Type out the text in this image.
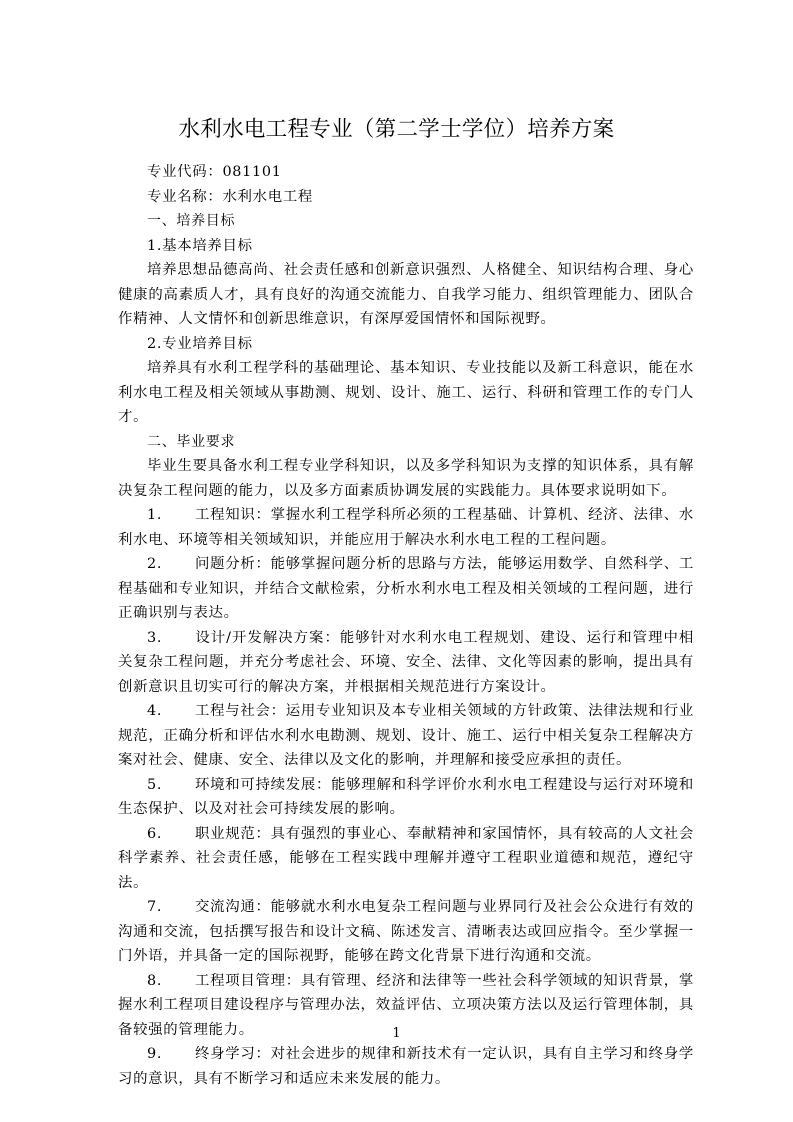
水利水电工程专业（第二学士学位）培养方案

专业代码：081101

专业名称：水利水电工程

一、培养目标

1.基本培养目标

培养思想品德高尚、社会责任感和创新意识强烈、人格健全、知识结构合理、身心健康的高素质人才，具有良好的沟通交流能力、自我学习能力、组织管理能力、团队合作精神、人文情怀和创新思维意识，有深厚爱国情怀和国际视野。

2.专业培养目标

培养具有水利工程学科的基础理论、基本知识、专业技能以及新工科意识，能在水利水电工程及相关领域从事勘测、规划、设计、施工、运行、科研和管理工作的专门人才。

二、毕业要求

毕业生要具备水利工程专业学科知识，以及多学科知识为支撑的知识体系，具有解决复杂工程问题的能力，以及多方面素质协调发展的实践能力。具体要求说明如下。

1. 工程知识：掌握水利工程学科所必须的工程基础、计算机、经济、法律、水利水电、环境等相关领域知识，并能应用于解决水利水电工程的工程问题。

2. 问题分析：能够掌握问题分析的思路与方法，能够运用数学、自然科学、工程基础和专业知识，并结合文献检索，分析水利水电工程及相关领域的工程问题，进行正确识别与表达。

3. 设计/开发解决方案：能够针对水利水电工程规划、建设、运行和管理中相关复杂工程问题，并充分考虑社会、环境、安全、法律、文化等因素的影响，提出具有创新意识且切实可行的解决方案，并根据相关规范进行方案设计。

4. 工程与社会：运用专业知识及本专业相关领域的方针政策、法律法规和行业规范，正确分析和评估水利水电勘测、规划、设计、施工、运行中相关复杂工程解决方案对社会、健康、安全、法律以及文化的影响，并理解和接受应承担的责任。

5. 环境和可持续发展：能够理解和科学评价水利水电工程建设与运行对环境和生态保护、以及对社会可持续发展的影响。

6. 职业规范：具有强烈的事业心、奉献精神和家国情怀，具有较高的人文社会科学素养、社会责任感，能够在工程实践中理解并遵守工程职业道德和规范，遵纪守法。

7. 交流沟通：能够就水利水电复杂工程问题与业界同行及社会公众进行有效的沟通和交流，包括撰写报告和设计文稿、陈述发言、清晰表达或回应指令。至少掌握一门外语，并具备一定的国际视野，能够在跨文化背景下进行沟通和交流。

8. 工程项目管理：具有管理、经济和法律等一些社会科学领域的知识背景，掌握水利工程项目建设程序与管理办法，效益评估、立项决策方法以及运行管理体制，具备较强的管理能力。

9. 终身学习：对社会进步的规律和新技术有一定认识，具有自主学习和终身学习的意识，具有不断学习和适应未来发展的能力。

1
